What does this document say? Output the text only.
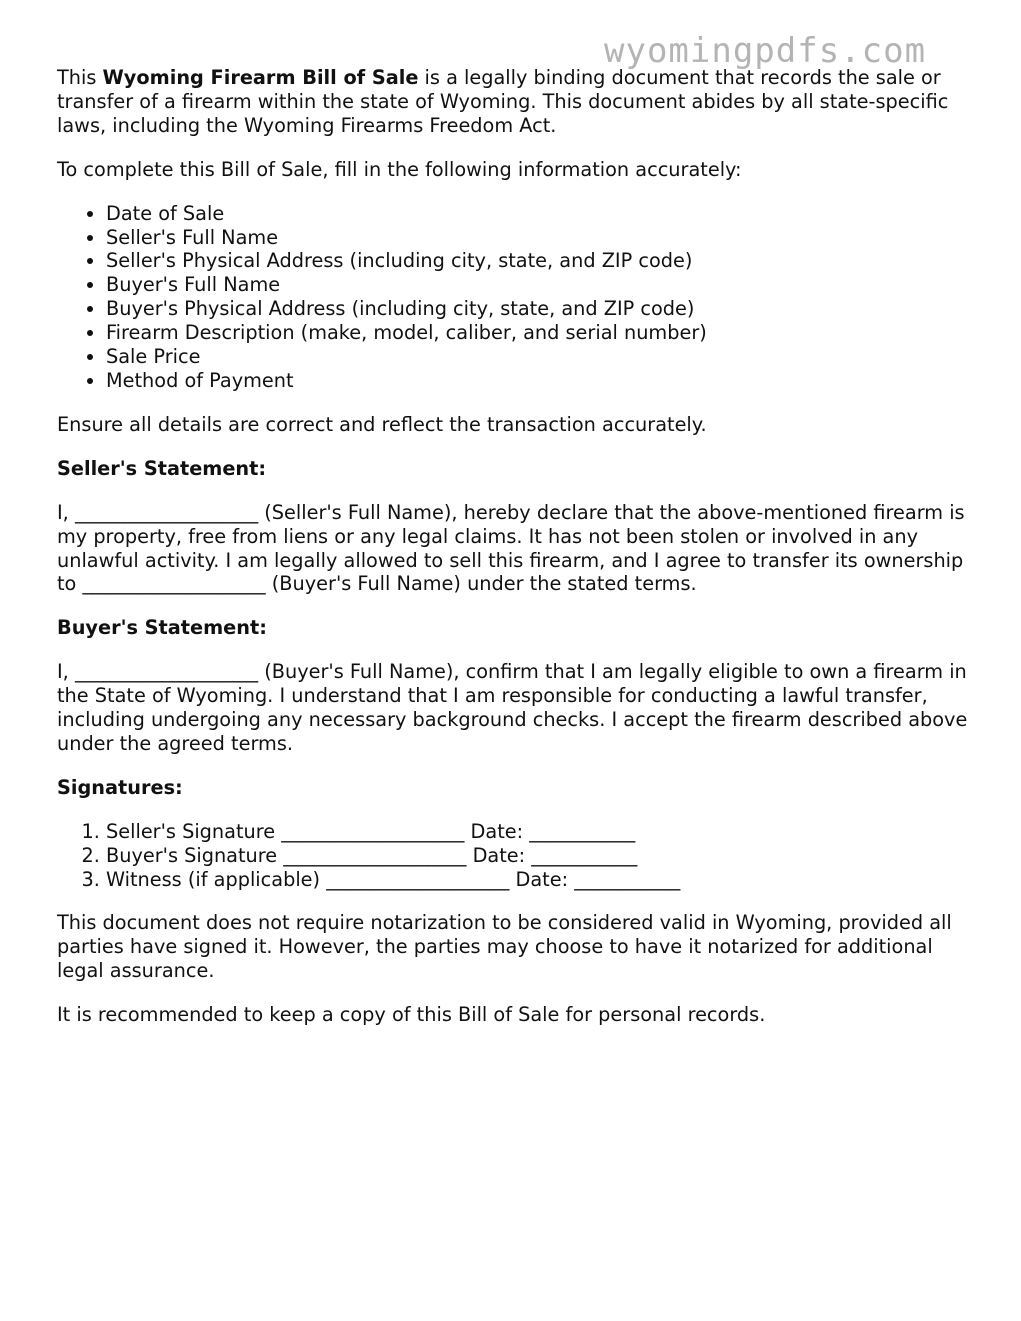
wyomingpdfs.com

This Wyoming Firearm Bill of Sale is a legally binding document that records the sale or transfer of a firearm within the state of Wyoming. This document abides by all state-specific laws, including the Wyoming Firearms Freedom Act.

To complete this Bill of Sale, fill in the following information accurately:

• Date of Sale
• Seller's Full Name
• Seller's Physical Address (including city, state, and ZIP code)
• Buyer's Full Name
• Buyer's Physical Address (including city, state, and ZIP code)
• Firearm Description (make, model, caliber, and serial number)
• Sale Price
• Method of Payment

Ensure all details are correct and reflect the transaction accurately.

Seller's Statement:

I, ___________________ (Seller's Full Name), hereby declare that the above-mentioned firearm is my property, free from liens or any legal claims. It has not been stolen or involved in any unlawful activity. I am legally allowed to sell this firearm, and I agree to transfer its ownership to ___________________ (Buyer's Full Name) under the stated terms.

Buyer's Statement:

I, ___________________ (Buyer's Full Name), confirm that I am legally eligible to own a firearm in the State of Wyoming. I understand that I am responsible for conducting a lawful transfer, including undergoing any necessary background checks. I accept the firearm described above under the agreed terms.

Signatures:

1. Seller's Signature ___________________ Date: ___________
2. Buyer's Signature ___________________ Date: ___________
3. Witness (if applicable) ___________________ Date: ___________

This document does not require notarization to be considered valid in Wyoming, provided all parties have signed it. However, the parties may choose to have it notarized for additional legal assurance.

It is recommended to keep a copy of this Bill of Sale for personal records.
